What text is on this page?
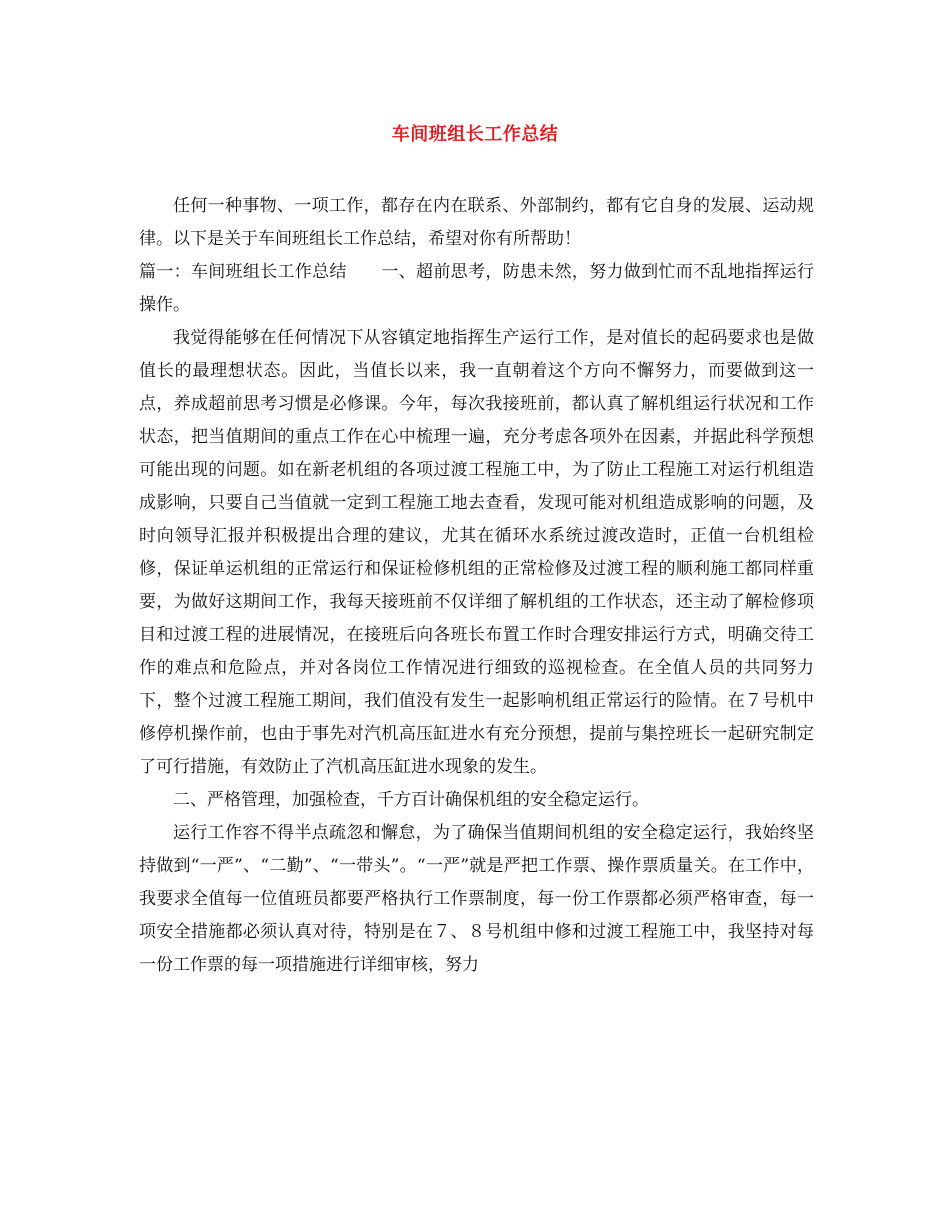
车间班组长工作总结

任何一种事物、一项工作，都存在内在联系、外部制约，都有它自身的发展、运动规律。以下是关于车间班组长工作总结，希望对你有所帮助！

篇一：车间班组长工作总结　　一、超前思考，防患未然，努力做到忙而不乱地指挥运行操作。

我觉得能够在任何情况下从容镇定地指挥生产运行工作，是对值长的起码要求也是做值长的最理想状态。因此，当值长以来，我一直朝着这个方向不懈努力，而要做到这一点，养成超前思考习惯是必修课。今年，每次我接班前，都认真了解机组运行状况和工作状态，把当值期间的重点工作在心中梳理一遍，充分考虑各项外在因素，并据此科学预想可能出现的问题。如在新老机组的各项过渡工程施工中，为了防止工程施工对运行机组造成影响，只要自己当值就一定到工程施工地去查看，发现可能对机组造成影响的问题，及时向领导汇报并积极提出合理的建议，尤其在循环水系统过渡改造时，正值一台机组检修，保证单运机组的正常运行和保证检修机组的正常检修及过渡工程的顺利施工都同样重要，为做好这期间工作，我每天接班前不仅详细了解机组的工作状态，还主动了解检修项目和过渡工程的进展情况，在接班后向各班长布置工作时合理安排运行方式，明确交待工作的难点和危险点，并对各岗位工作情况进行细致的巡视检查。在全值人员的共同努力下，整个过渡工程施工期间，我们值没有发生一起影响机组正常运行的险情。在７号机中修停机操作前，也由于事先对汽机高压缸进水有充分预想，提前与集控班长一起研究制定了可行措施，有效防止了汽机高压缸进水现象的发生。

二、严格管理，加强检查，千方百计确保机组的安全稳定运行。

运行工作容不得半点疏忽和懈怠，为了确保当值期间机组的安全稳定运行，我始终坚持做到“一严”、“二勤”、“一带头”。“一严”就是严把工作票、操作票质量关。在工作中，我要求全值每一位值班员都要严格执行工作票制度，每一份工作票都必须严格审查，每一项安全措施都必须认真对待，特别是在７、８号机组中修和过渡工程施工中，我坚持对每一份工作票的每一项措施进行详细审核，努力
